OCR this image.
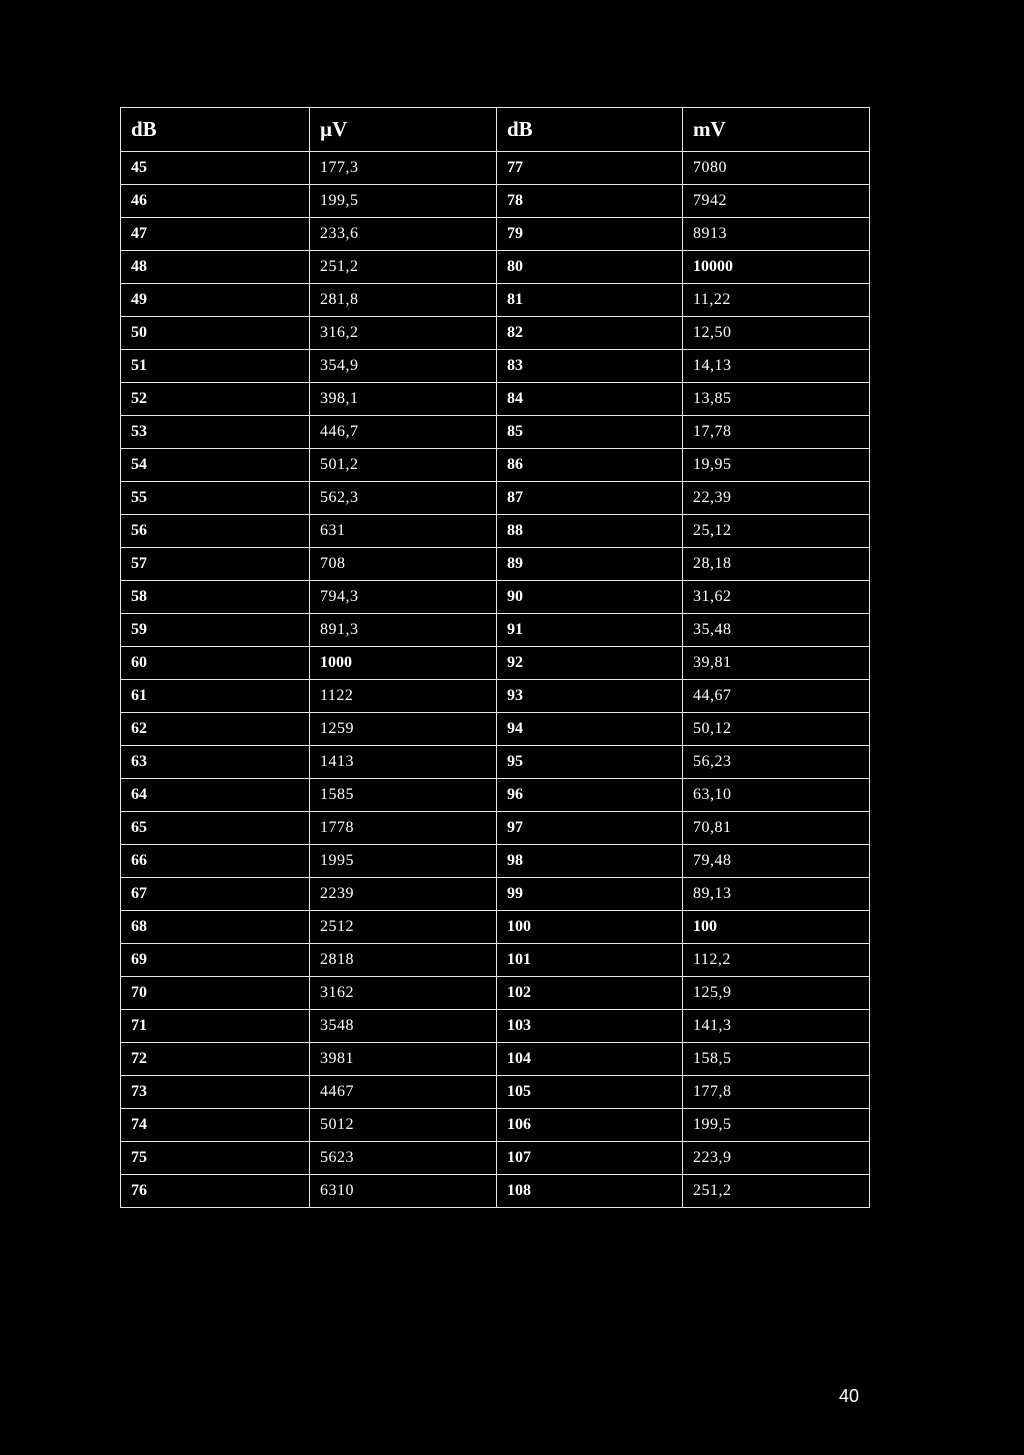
dB	µV	dB	mV
45	177,3	77	7080
46	199,5	78	7942
47	233,6	79	8913
48	251,2	80	10000
49	281,8	81	11,22
50	316,2	82	12,50
51	354,9	83	14,13
52	398,1	84	13,85
53	446,7	85	17,78
54	501,2	86	19,95
55	562,3	87	22,39
56	631	88	25,12
57	708	89	28,18
58	794,3	90	31,62
59	891,3	91	35,48
60	1000	92	39,81
61	1122	93	44,67
62	1259	94	50,12
63	1413	95	56,23
64	1585	96	63,10
65	1778	97	70,81
66	1995	98	79,48
67	2239	99	89,13
68	2512	100	100
69	2818	101	112,2
70	3162	102	125,9
71	3548	103	141,3
72	3981	104	158,5
73	4467	105	177,8
74	5012	106	199,5
75	5623	107	223,9
76	6310	108	251,2
40
